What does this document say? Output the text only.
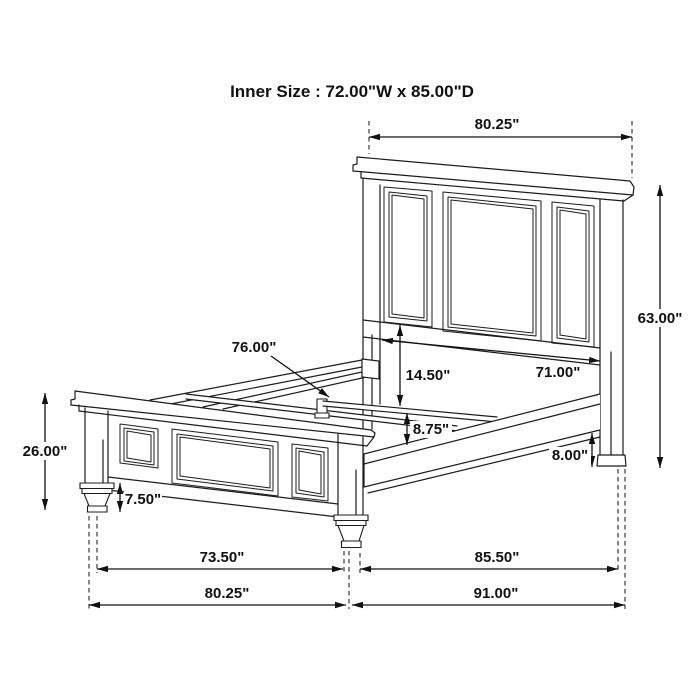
Inner Size : 72.00"W x 85.00"D
80.25"
63.00"
71.00"
14.50"
8.75"
8.00"
76.00"
26.00"
7.50"
73.50"	85.50"
80.25"	91.00"
